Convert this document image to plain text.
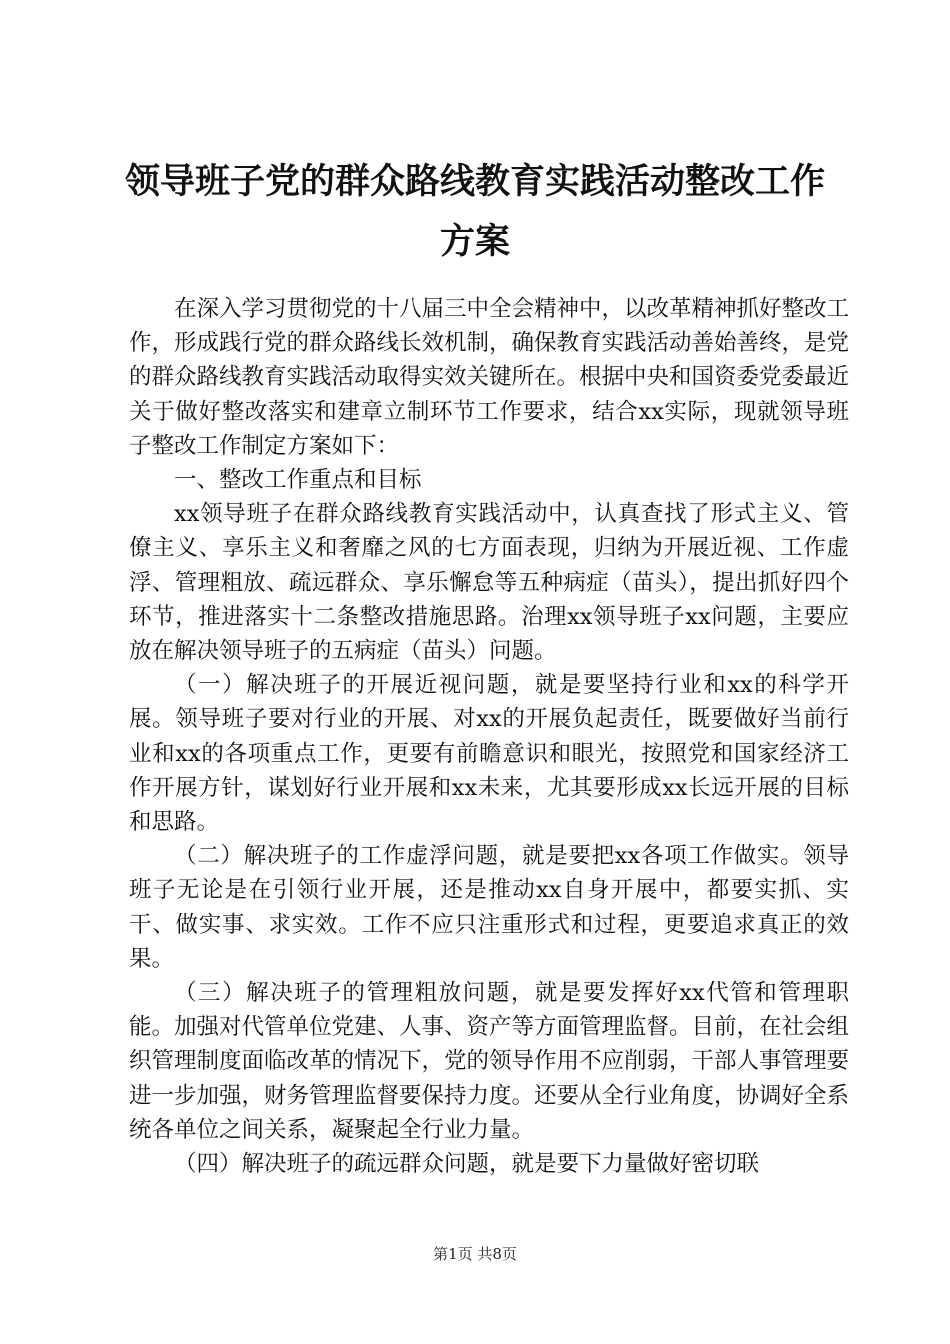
领导班子党的群众路线教育实践活动整改工作
方案

在深入学习贯彻党的十八届三中全会精神中，以改革精神抓好整改工作，形成践行党的群众路线长效机制，确保教育实践活动善始善终，是党的群众路线教育实践活动取得实效关键所在。根据中央和国资委党委最近关于做好整改落实和建章立制环节工作要求，结合xx实际，现就领导班子整改工作制定方案如下：

一、整改工作重点和目标

xx领导班子在群众路线教育实践活动中，认真查找了形式主义、管僚主义、享乐主义和奢靡之风的七方面表现，归纳为开展近视、工作虚浮、管理粗放、疏远群众、享乐懈怠等五种病症（苗头），提出抓好四个环节，推进落实十二条整改措施思路。治理xx领导班子xx问题，主要应放在解决领导班子的五病症（苗头）问题。

（一）解决班子的开展近视问题，就是要坚持行业和xx的科学开展。领导班子要对行业的开展、对xx的开展负起责任，既要做好当前行业和xx的各项重点工作，更要有前瞻意识和眼光，按照党和国家经济工作开展方针，谋划好行业开展和xx未来，尤其要形成xx长远开展的目标和思路。

（二）解决班子的工作虚浮问题，就是要把xx各项工作做实。领导班子无论是在引领行业开展，还是推动xx自身开展中，都要实抓、实干、做实事、求实效。工作不应只注重形式和过程，更要追求真正的效果。

（三）解决班子的管理粗放问题，就是要发挥好xx代管和管理职能。加强对代管单位党建、人事、资产等方面管理监督。目前，在社会组织管理制度面临改革的情况下，党的领导作用不应削弱，干部人事管理要进一步加强，财务管理监督要保持力度。还要从全行业角度，协调好全系统各单位之间关系，凝聚起全行业力量。

（四）解决班子的疏远群众问题，就是要下力量做好密切联

第1页 共8页
